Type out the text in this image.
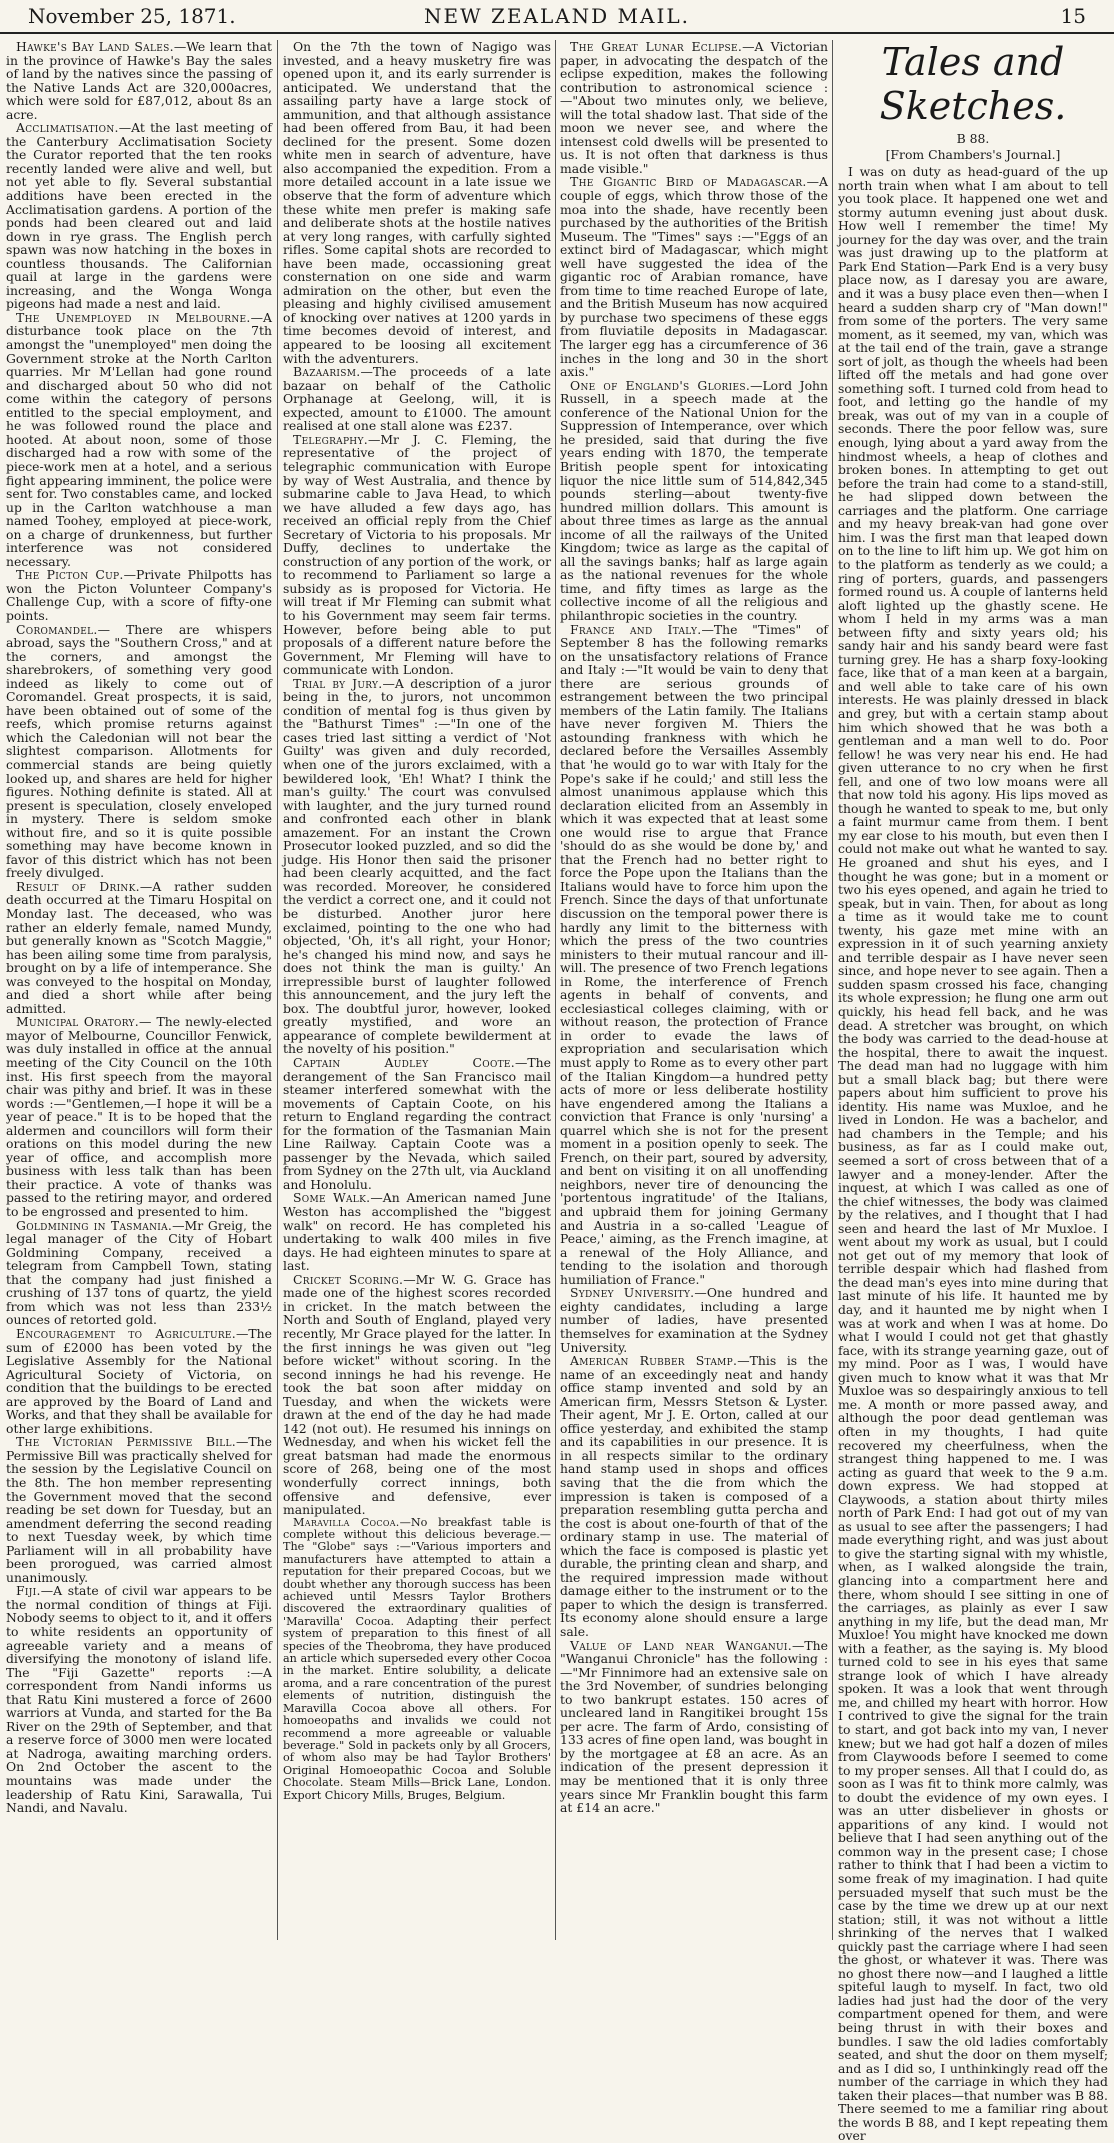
November 25, 1871.	NEW ZEALAND MAIL.	15

Hawke's Bay Land Sales.—We learn that in the province of Hawke's Bay the sales of land by the natives since the passing of the Native Lands Act are 320,000acres, which were sold for £87,012, about 8s an acre.

Acclimatisation.—At the last meeting of the Canterbury Acclimatisation Society the Curator reported that the ten rooks recently landed were alive and well, but not yet able to fly. Several substantial additions have been erected in the Acclimatisation gardens. A portion of the ponds had been cleared out and laid down in rye grass. The English perch spawn was now hatching in the boxes in countless thousands. The Californian quail at large in the gardens were increasing, and the Wonga Wonga pigeons had made a nest and laid.

The Unemployed in Melbourne.—A disturbance took place on the 7th amongst the "unemployed" men doing the Government stroke at the North Carlton quarries. Mr M'Lellan had gone round and discharged about 50 who did not come within the category of persons entitled to the special employment, and he was followed round the place and hooted. At about noon, some of those discharged had a row with some of the piece-work men at a hotel, and a serious fight appearing imminent, the police were sent for. Two constables came, and locked up in the Carlton watchhouse a man named Toohey, employed at piece-work, on a charge of drunkenness, but further interference was not considered necessary.

The Picton Cup.—Private Philpotts has won the Picton Volunteer Company's Challenge Cup, with a score of fifty-one points.

Coromandel.— There are whispers abroad, says the "Southern Cross," and at the corners, and amongst the sharebrokers, of something very good indeed as likely to come out of Coromandel. Great prospects, it is said, have been obtained out of some of the reefs, which promise returns against which the Caledonian will not bear the slightest comparison. Allotments for commercial stands are being quietly looked up, and shares are held for higher figures. Nothing definite is stated. All at present is speculation, closely enveloped in mystery. There is seldom smoke without fire, and so it is quite possible something may have become known in favor of this district which has not been freely divulged.

Result of Drink.—A rather sudden death occurred at the Timaru Hospital on Monday last. The deceased, who was rather an elderly female, named Mundy, but generally known as "Scotch Maggie," has been ailing some time from paralysis, brought on by a life of intemperance. She was conveyed to the hospital on Monday, and died a short while after being admitted.

Municipal Oratory.— The newly-elected mayor of Melbourne, Councillor Fenwick, was duly installed in office at the annual meeting of the City Council on the 10th inst. His first speech from the mayoral chair was pithy and brief. It was in these words :—"Gentlemen,—I hope it will be a year of peace." It is to be hoped that the aldermen and councillors will form their orations on this model during the new year of office, and accomplish more business with less talk than has been their practice. A vote of thanks was passed to the retiring mayor, and ordered to be engrossed and presented to him.

Goldmining in Tasmania.—Mr Greig, the legal manager of the City of Hobart Goldmining Company, received a telegram from Campbell Town, stating that the company had just finished a crushing of 137 tons of quartz, the yield from which was not less than 233½ ounces of retorted gold.

Encouragement to Agriculture.—The sum of £2000 has been voted by the Legislative Assembly for the National Agricultural Society of Victoria, on condition that the buildings to be erected are approved by the Board of Land and Works, and that they shall be available for other large exhibitions.

The Victorian Permissive Bill.—The Permissive Bill was practically shelved for the session by the Legislative Council on the 8th. The hon member representing the Government moved that the second reading be set down for Tuesday, but an amendment deferring the second reading to next Tuesday week, by which time Parliament will in all probability have been prorogued, was carried almost unanimously.

Fiji.—A state of civil war appears to be the normal condition of things at Fiji. Nobody seems to object to it, and it offers to white residents an opportunity of agreeable variety and a means of diversifying the monotony of island life. The "Fiji Gazette" reports :—A correspondent from Nandi informs us that Ratu Kini mustered a force of 2600 warriors at Vunda, and started for the Ba River on the 29th of September, and that a reserve force of 3000 men were located at Nadroga, awaiting marching orders. On 2nd October the ascent to the mountains was made under the leadership of Ratu Kini, Sarawalla, Tui Nandi, and Navalu.

On the 7th the town of Nagigo was invested, and a heavy musketry fire was opened upon it, and its early surrender is anticipated. We understand that the assailing party have a large stock of ammunition, and that although assistance had been offered from Bau, it had been declined for the present. Some dozen white men in search of adventure, have also accompanied the expedition. From a more detailed account in a late issue we observe that the form of adventure which these white men prefer is making safe and deliberate shots at the hostile natives at very long ranges, with carfully sighted rifles. Some capital shots are recorded to have been made, occassioning great consternation on one side and warm admiration on the other, but even the pleasing and highly civilised amusement of knocking over natives at 1200 yards in time becomes devoid of interest, and appeared to be loosing all excitement with the adventurers.

Bazaarism.—The proceeds of a late bazaar on behalf of the Catholic Orphanage at Geelong, will, it is expected, amount to £1000. The amount realised at one stall alone was £237.

Telegraphy.—Mr J. C. Fleming, the representative of the project of telegraphic communication with Europe by way of West Australia, and thence by submarine cable to Java Head, to which we have alluded a few days ago, has received an official reply from the Chief Secretary of Victoria to his proposals. Mr Duffy, declines to undertake the construction of any portion of the work, or to recommend to Parliament so large a subsidy as is proposed for Victoria. He will treat if Mr Fleming can submit what to his Government may seem fair terms. However, before being able to put proposals of a different nature before the Government, Mr Fleming will have to communicate with London.

Trial by Jury.—A description of a juror being in the, to jurors, not uncommon condition of mental fog is thus given by the "Bathurst Times" :—"In one of the cases tried last sitting a verdict of 'Not Guilty' was given and duly recorded, when one of the jurors exclaimed, with a bewildered look, 'Eh! What? I think the man's guilty.' The court was convulsed with laughter, and the jury turned round and confronted each other in blank amazement. For an instant the Crown Prosecutor looked puzzled, and so did the judge. His Honor then said the prisoner had been clearly acquitted, and the fact was recorded. Moreover, he considered the verdict a correct one, and it could not be disturbed. Another juror here exclaimed, pointing to the one who had objected, 'Oh, it's all right, your Honor; he's changed his mind now, and says he does not think the man is guilty.' An irrepressible burst of laughter followed this announcement, and the jury left the box. The doubtful juror, however, looked greatly mystified, and wore an appearance of complete bewilderment at the novelty of his position."

Captain Audley Coote.—The derangement of the San Francisco mail steamer interfered somewhat with the movements of Captain Coote, on his return to England regarding the contract for the formation of the Tasmanian Main Line Railway. Captain Coote was a passenger by the Nevada, which sailed from Sydney on the 27th ult, via Auckland and Honolulu.

Some Walk.—An American named June Weston has accomplished the "biggest walk" on record. He has completed his undertaking to walk 400 miles in five days. He had eighteen minutes to spare at last.

Cricket Scoring.—Mr W. G. Grace has made one of the highest scores recorded in cricket. In the match between the North and South of England, played very recently, Mr Grace played for the latter. In the first innings he was given out "leg before wicket" without scoring. In the second innings he had his revenge. He took the bat soon after midday on Tuesday, and when the wickets were drawn at the end of the day he had made 142 (not out). He resumed his innings on Wednesday, and when his wicket fell the great batsman had made the enormous score of 268, being one of the most wonderfully correct innings, both offensive and defensive, ever manipulated.

Maravilla Cocoa.—No breakfast table is complete without this delicious beverage.—The "Globe" says :—"Various importers and manufacturers have attempted to attain a reputation for their prepared Cocoas, but we doubt whether any thorough success has been achieved until Messrs Taylor Brothers discovered the extraordinary qualities of 'Maravilla' Cocoa. Adapting their perfect system of preparation to this finest of all species of the Theobroma, they have produced an article which superseded every other Cocoa in the market. Entire solubility, a delicate aroma, and a rare concentration of the purest elements of nutrition, distinguish the Maravilla Cocoa above all others. For homoeopaths and invalids we could not recommend a more agreeable or valuable beverage." Sold in packets only by all Grocers, of whom also may be had Taylor Brothers' Original Homoeopathic Cocoa and Soluble Chocolate. Steam Mills—Brick Lane, London. Export Chicory Mills, Bruges, Belgium.

The Great Lunar Eclipse.—A Victorian paper, in advocating the despatch of the eclipse expedition, makes the following contribution to astronomical science :—"About two minutes only, we believe, will the total shadow last. That side of the moon we never see, and where the intensest cold dwells will be presented to us. It is not often that darkness is thus made visible."

The Gigantic Bird of Madagascar.—A couple of eggs, which throw those of the moa into the shade, have recently been purchased by the authorities of the British Museum. The "Times" says :—"Eggs of an extinct bird of Madagascar, which might well have suggested the idea of the gigantic roc of Arabian romance, have from time to time reached Europe of late, and the British Museum has now acquired by purchase two specimens of these eggs from fluviatile deposits in Madagascar. The larger egg has a circumference of 36 inches in the long and 30 in the short axis."

One of England's Glories.—Lord John Russell, in a speech made at the conference of the National Union for the Suppression of Intemperance, over which he presided, said that during the five years ending with 1870, the temperate British people spent for intoxicating liquor the nice little sum of 514,842,345 pounds sterling—about twenty-five hundred million dollars. This amount is about three times as large as the annual income of all the railways of the United Kingdom; twice as large as the capital of all the savings banks; half as large again as the national revenues for the whole time, and fifty times as large as the collective income of all the religious and philanthropic societies in the country.

France and Italy.—The "Times" of September 8 has the following remarks on the unsatisfactory relations of France and Italy :—"It would be vain to deny that there are serious grounds of estrangement between the two principal members of the Latin family. The Italians have never forgiven M. Thiers the astounding frankness with which he declared before the Versailles Assembly that 'he would go to war with Italy for the Pope's sake if he could;' and still less the almost unanimous applause which this declaration elicited from an Assembly in which it was expected that at least some one would rise to argue that France 'should do as she would be done by,' and that the French had no better right to force the Pope upon the Italians than the Italians would have to force him upon the French. Since the days of that unfortunate discussion on the temporal power there is hardly any limit to the bitterness with which the press of the two countries ministers to their mutual rancour and ill-will. The presence of two French legations in Rome, the interference of French agents in behalf of convents, and ecclesiastical colleges claiming, with or without reason, the protection of France in order to evade the laws of expropriation and secularisation which must apply to Rome as to every other part of the Italian Kingdom—a hundred petty acts of more or less deliberate hostility have engendered among the Italians a conviction that France is only 'nursing' a quarrel which she is not for the present moment in a position openly to seek. The French, on their part, soured by adversity, and bent on visiting it on all unoffending neighbors, never tire of denouncing the 'portentous ingratitude' of the Italians, and upbraid them for joining Germany and Austria in a so-called 'League of Peace,' aiming, as the French imagine, at a renewal of the Holy Alliance, and tending to the isolation and thorough humiliation of France."

Sydney University.—One hundred and eighty candidates, including a large number of ladies, have presented themselves for examination at the Sydney University.

American Rubber Stamp.—This is the name of an exceedingly neat and handy office stamp invented and sold by an American firm, Messrs Stetson & Lyster. Their agent, Mr J. E. Orton, called at our office yesterday, and exhibited the stamp and its capabilities in our presence. It is in all respects similar to the ordinary hand stamp used in shops and offices saving that the die from which the impression is taken is composed of a preparation resembling gutta percha and the cost is about one-fourth of that of the ordinary stamp in use. The material of which the face is composed is plastic yet durable, the printing clean and sharp, and the required impression made without damage either to the instrument or to the paper to which the design is transferred. Its economy alone should ensure a large sale.

Value of Land near Wanganui.—The "Wanganui Chronicle" has the following :—"Mr Finnimore had an extensive sale on the 3rd November, of sundries belonging to two bankrupt estates. 150 acres of uncleared land in Rangitikei brought 15s per acre. The farm of Ardo, consisting of 133 acres of fine open land, was bought in by the mortgagee at £8 an acre. As an indication of the present depression it may be mentioned that it is only three years since Mr Franklin bought this farm at £14 an acre."

Tales and Sketches.

B 88.

[From Chambers's Journal.]

I was on duty as head-guard of the up north train when what I am about to tell you took place. It happened one wet and stormy autumn evening just about dusk. How well I remember the time! My journey for the day was over, and the train was just drawing up to the platform at Park End Station—Park End is a very busy place now, as I daresay you are aware, and it was a busy place even then—when I heard a sudden sharp cry of "Man down!" from some of the porters. The very same moment, as it seemed, my van, which was at the tail end of the train, gave a strange sort of jolt, as though the wheels had been lifted off the metals and had gone over something soft. I turned cold from head to foot, and letting go the handle of my break, was out of my van in a couple of seconds. There the poor fellow was, sure enough, lying about a yard away from the hindmost wheels, a heap of clothes and broken bones. In attempting to get out before the train had come to a stand-still, he had slipped down between the carriages and the platform. One carriage and my heavy break-van had gone over him. I was the first man that leaped down on to the line to lift him up. We got him on to the platform as tenderly as we could; a ring of porters, guards, and passengers formed round us. A couple of lanterns held aloft lighted up the ghastly scene. He whom I held in my arms was a man between fifty and sixty years old; his sandy hair and his sandy beard were fast turning grey. He has a sharp foxy-looking face, like that of a man keen at a bargain, and well able to take care of his own interests. He was plainly dressed in black and grey, but with a certain stamp about him which showed that he was both a gentleman and a man well to do. Poor fellow! he was very near his end. He had given utterance to no cry when he first fell, and one of two low moans were all that now told his agony. His lips moved as though he wanted to speak to me, but only a faint murmur came from them. I bent my ear close to his mouth, but even then I could not make out what he wanted to say. He groaned and shut his eyes, and I thought he was gone; but in a moment or two his eyes opened, and again he tried to speak, but in vain. Then, for about as long a time as it would take me to count twenty, his gaze met mine with an expression in it of such yearning anxiety and terrible despair as I have never seen since, and hope never to see again. Then a sudden spasm crossed his face, changing its whole expression; he flung one arm out quickly, his head fell back, and he was dead. A stretcher was brought, on which the body was carried to the dead-house at the hospital, there to await the inquest. The dead man had no luggage with him but a small black bag; but there were papers about him sufficient to prove his identity. His name was Muxloe, and he lived in London. He was a bachelor, and had chambers in the Temple; and his business, as far as I could make out, seemed a sort of cross between that of a lawyer and a money-lender. After the inquest, at which I was called as one of the chief witnesses, the body was claimed by the relatives, and I thought that I had seen and heard the last of Mr Muxloe. I went about my work as usual, but I could not get out of my memory that look of terrible despair which had flashed from the dead man's eyes into mine during that last minute of his life. It haunted me by day, and it haunted me by night when I was at work and when I was at home. Do what I would I could not get that ghastly face, with its strange yearning gaze, out of my mind. Poor as I was, I would have given much to know what it was that Mr Muxloe was so despairingly anxious to tell me. A month or more passed away, and although the poor dead gentleman was often in my thoughts, I had quite recovered my cheerfulness, when the strangest thing happened to me. I was acting as guard that week to the 9 a.m. down express. We had stopped at Claywoods, a station about thirty miles north of Park End: I had got out of my van as usual to see after the passengers; I had made everything right, and was just about to give the starting signal with my whistle, when, as I walked alongside the train, glancing into a compartment here and there, whom should I see sitting in one of the carriages, as plainly as ever I saw anything in my life, but the dead man, Mr Muxloe! You might have knocked me down with a feather, as the saying is. My blood turned cold to see in his eyes that same strange look of which I have already spoken. It was a look that went through me, and chilled my heart with horror. How I contrived to give the signal for the train to start, and got back into my van, I never knew; but we had got half a dozen of miles from Claywoods before I seemed to come to my proper senses. All that I could do, as soon as I was fit to think more calmly, was to doubt the evidence of my own eyes. I was an utter disbeliever in ghosts or apparitions of any kind. I would not believe that I had seen anything out of the common way in the present case; I chose rather to think that I had been a victim to some freak of my imagination. I had quite persuaded myself that such must be the case by the time we drew up at our next station; still, it was not without a little shrinking of the nerves that I walked quickly past the carriage where I had seen the ghost, or whatever it was. There was no ghost there now—and I laughed a little spiteful laugh to myself. In fact, two old ladies had just had the door of the very compartment opened for them, and were being thrust in with their boxes and bundles. I saw the old ladies comfortably seated, and shut the door on them myself; and as I did so, I unthinkingly read off the number of the carriage in which they had taken their places—that number was B 88. There seemed to me a familiar ring about the words B 88, and I kept repeating them over
